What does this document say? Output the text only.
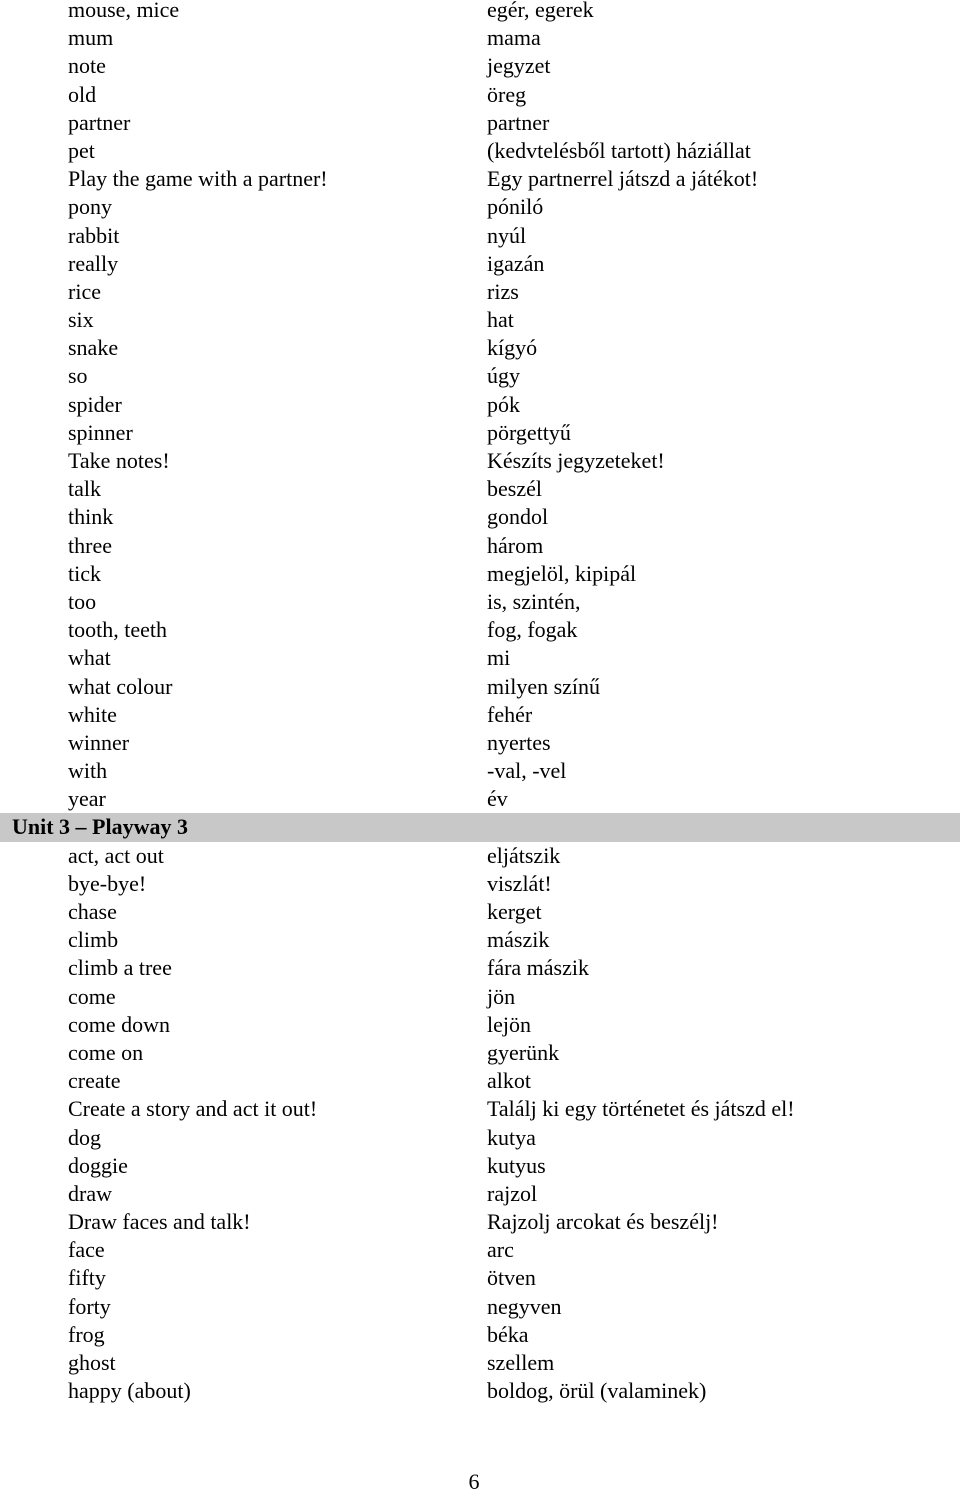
mouse, mice	egér, egerek
mum	mama
note	jegyzet
old	öreg
partner	partner
pet	(kedvtelésből tartott) háziállat
Play the game with a partner!	Egy partnerrel játszd a játékot!
pony	póniló
rabbit	nyúl
really	igazán
rice	rizs
six	hat
snake	kígyó
so	úgy
spider	pók
spinner	pörgettyű
Take notes!	Készíts jegyzeteket!
talk	beszél
think	gondol
three	három
tick	megjelöl, kipipál
too	is, szintén,
tooth, teeth	fog, fogak
what	mi
what colour	milyen színű
white	fehér
winner	nyertes
with	-val, -vel
year	év
Unit 3 – Playway 3
act, act out	eljátszik
bye-bye!	viszlát!
chase	kerget
climb	mászik
climb a tree	fára mászik
come	jön
come down	lejön
come on	gyerünk
create	alkot
Create a story and act it out!	Találj ki egy történetet és játszd el!
dog	kutya
doggie	kutyus
draw	rajzol
Draw faces and talk!	Rajzolj arcokat és beszélj!
face	arc
fifty	ötven
forty	negyven
frog	béka
ghost	szellem
happy (about)	boldog, örül (valaminek)
6
